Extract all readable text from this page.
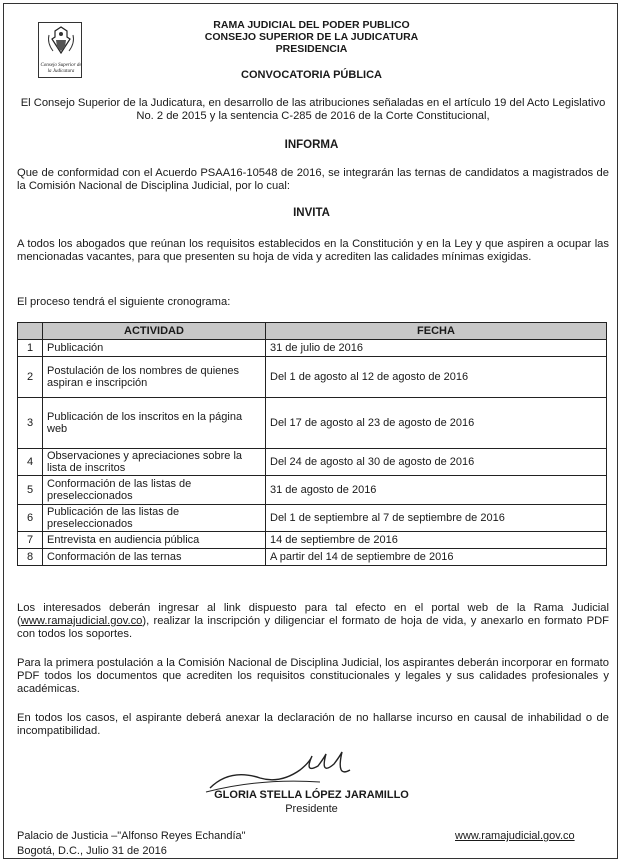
Consejo Superior de la Judicatura
RAMA JUDICIAL DEL PODER PUBLICO
CONSEJO SUPERIOR DE LA JUDICATURA
PRESIDENCIA
CONVOCATORIA PÚBLICA
El Consejo Superior de la Judicatura, en desarrollo de las atribuciones señaladas en el artículo 19 del Acto Legislativo No. 2 de 2015 y la sentencia C-285 de 2016 de la Corte Constitucional,
INFORMA
Que de conformidad con el Acuerdo PSAA16-10548 de 2016, se integrarán las ternas de candidatos a magistrados de la Comisión Nacional de Disciplina Judicial, por lo cual:
INVITA
A todos los abogados que reúnan los requisitos establecidos en la Constitución y en la Ley y que aspiren a ocupar las mencionadas vacantes, para que presenten su hoja de vida y acrediten las calidades mínimas exigidas.
El proceso tendrá el siguiente cronograma:
	ACTIVIDAD	FECHA
1	Publicación	31 de julio de 2016
2	Postulación de los nombres de quienes aspiran e inscripción	Del 1 de agosto al 12 de agosto de 2016
3	Publicación de los inscritos en la página web	Del 17 de agosto al 23 de agosto de 2016
4	Observaciones y apreciaciones sobre la lista de inscritos	Del 24 de agosto al 30 de agosto de 2016
5	Conformación de las listas de preseleccionados	31 de agosto de 2016
6	Publicación de las listas de preseleccionados	Del 1 de septiembre al 7 de septiembre de 2016
7	Entrevista en audiencia pública	14 de septiembre de 2016
8	Conformación de las ternas	A partir del 14 de septiembre de 2016
Los interesados deberán ingresar al link dispuesto para tal efecto en el portal web de la Rama Judicial (www.ramajudicial.gov.co), realizar la inscripción y diligenciar el formato de hoja de vida, y anexarlo en formato PDF con todos los soportes.
Para la primera postulación a la Comisión Nacional de Disciplina Judicial, los aspirantes deberán incorporar en formato PDF todos los documentos que acrediten los requisitos constitucionales y legales y sus calidades profesionales y académicas.
En todos los casos, el aspirante deberá anexar la declaración de no hallarse incurso en causal de inhabilidad o de incompatibilidad.
GLORIA STELLA LÓPEZ JARAMILLO
Presidente
Palacio de Justicia –"Alfonso Reyes Echandía"
Bogotá, D.C., Julio 31 de 2016
www.ramajudicial.gov.co
